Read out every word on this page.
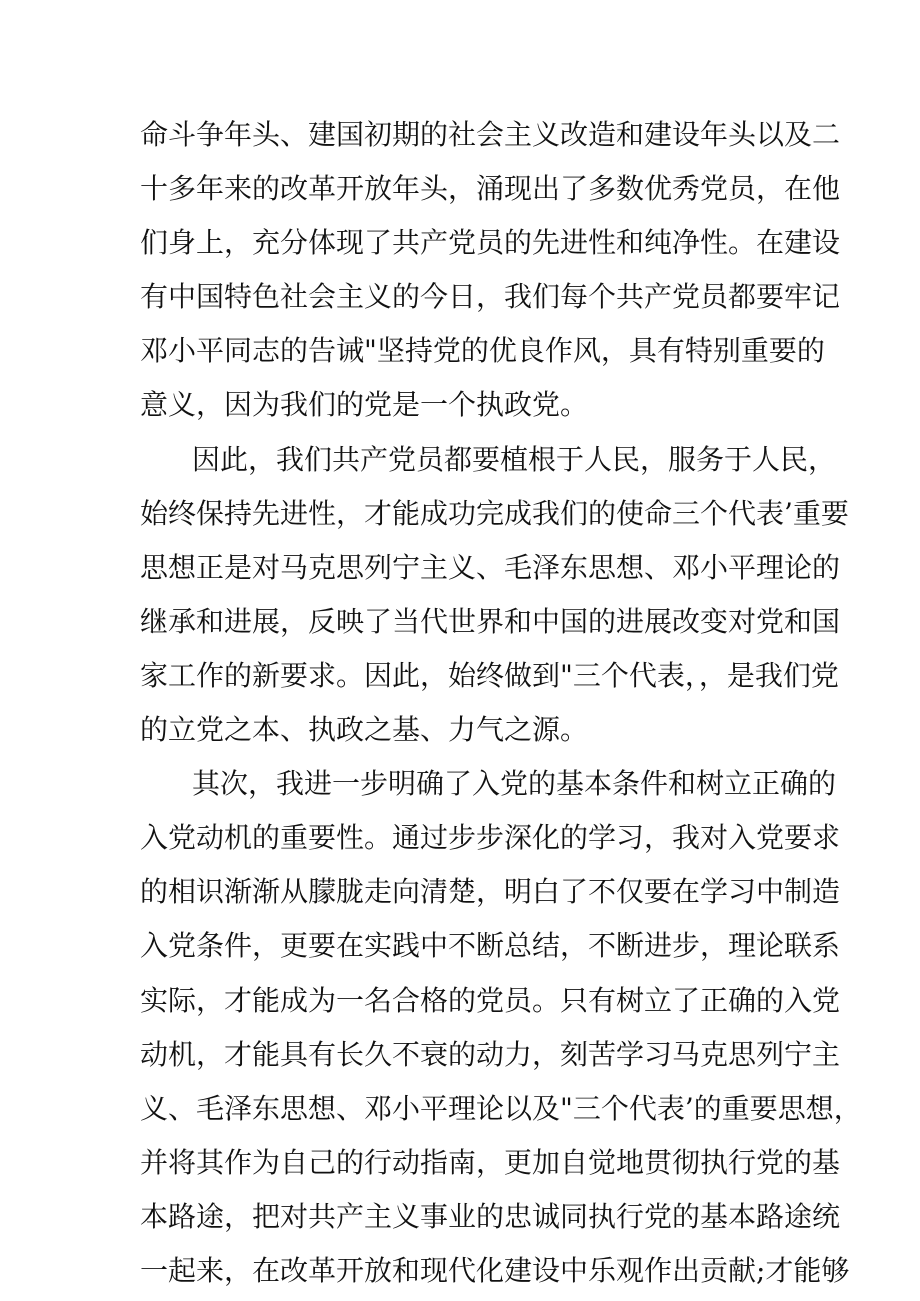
命斗争年头、建国初期的社会主义改造和建设年头以及二
十多年来的改革开放年头，涌现出了多数优秀党员，在他
们身上，充分体现了共产党员的先进性和纯净性。在建设
有中国特色社会主义的今日，我们每个共产党员都要牢记
邓小平同志的告诫"坚持党的优良作风，具有特别重要的
意义，因为我们的党是一个执政党。
因此，我们共产党员都要植根于人民，服务于人民，
始终保持先进性，才能成功完成我们的使命三个代表’重要
思想正是对马克思列宁主义、毛泽东思想、邓小平理论的
继承和进展，反映了当代世界和中国的进展改变对党和国
家工作的新要求。因此，始终做到"三个代表，，是我们党
的立党之本、执政之基、力气之源。
其次，我进一步明确了入党的基本条件和树立正确的
入党动机的重要性。通过步步深化的学习，我对入党要求
的相识渐渐从朦胧走向清楚，明白了不仅要在学习中制造
入党条件，更要在实践中不断总结，不断进步，理论联系
实际，才能成为一名合格的党员。只有树立了正确的入党
动机，才能具有长久不衰的动力，刻苦学习马克思列宁主
义、毛泽东思想、邓小平理论以及"三个代表’的重要思想，
并将其作为自己的行动指南，更加自觉地贯彻执行党的基
本路途，把对共产主义事业的忠诚同执行党的基本路途统
一起来，在改革开放和现代化建设中乐观作出贡献;才能够
